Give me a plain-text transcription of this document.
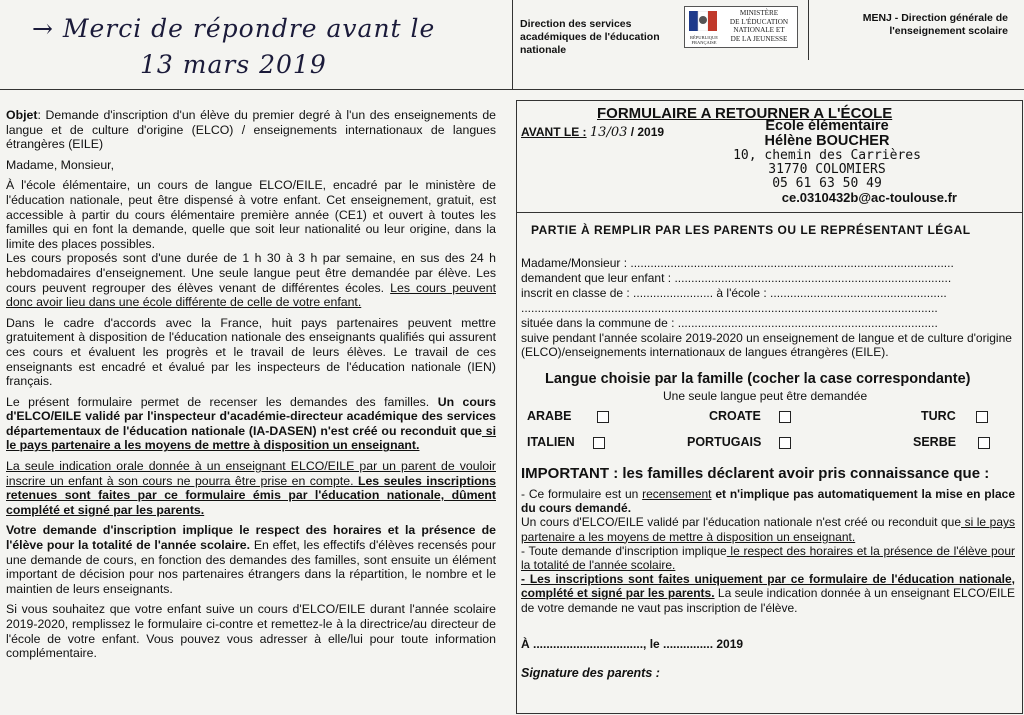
→ Merci de répondre avant le
13 mars 2019
Direction des services académiques de l'éducation nationale
RÉPUBLIQUE FRANÇAISE
MINISTÈRE
DE L'ÉDUCATION
NATIONALE ET
DE LA JEUNESSE
MENJ - Direction générale de l'enseignement scolaire

Objet: Demande d'inscription d'un élève du premier degré à l'un des enseignements de langue et de culture d'origine (ELCO) / enseignements internationaux de langues étrangères (EILE)

Madame, Monsieur,

À l'école élémentaire, un cours de langue ELCO/EILE, encadré par le ministère de l'éducation nationale, peut être dispensé à votre enfant. Cet enseignement, gratuit, est accessible à partir du cours élémentaire première année (CE1) et ouvert à toutes les familles qui en font la demande, quelle que soit leur nationalité ou leur origine, dans la limite des places possibles.

Les cours proposés sont d'une durée de 1 h 30 à 3 h par semaine, en sus des 24 h hebdomadaires d'enseignement. Une seule langue peut être demandée par élève. Les cours peuvent regrouper des élèves venant de différentes écoles. Les cours peuvent donc avoir lieu dans une école différente de celle de votre enfant.

Dans le cadre d'accords avec la France, huit pays partenaires peuvent mettre gratuitement à disposition de l'éducation nationale des enseignants qualifiés qui assurent ces cours et évaluent les progrès et le travail de leurs élèves. Le travail de ces enseignants est encadré et évalué par les inspecteurs de l'éducation nationale (IEN) français.

Le présent formulaire permet de recenser les demandes des familles. Un cours d'ELCO/EILE validé par l'inspecteur d'académie-directeur académique des services départementaux de l'éducation nationale (IA-DASEN) n'est créé ou reconduit que si le pays partenaire a les moyens de mettre à disposition un enseignant.

La seule indication orale donnée à un enseignant ELCO/EILE par un parent de vouloir inscrire un enfant à son cours ne pourra être prise en compte. Les seules inscriptions retenues sont faites par ce formulaire émis par l'éducation nationale, dûment complété et signé par les parents.

Votre demande d'inscription implique le respect des horaires et la présence de l'élève pour la totalité de l'année scolaire. En effet, les effectifs d'élèves recensés pour une demande de cours, en fonction des demandes des familles, sont ensuite un élément important de décision pour nos partenaires étrangers dans la répartition, le nombre et le maintien de leurs enseignants.

Si vous souhaitez que votre enfant suive un cours d'ELCO/EILE durant l'année scolaire 2019-2020, remplissez le formulaire ci-contre et remettez-le à la directrice/au directeur de l'école de votre enfant. Vous pouvez vous adresser à elle/lui pour toute information complémentaire.

FORMULAIRE A RETOURNER A L'ÉCOLE
AVANT LE : 13/03 / 2019	Ecole élémentaire
Hélène BOUCHER
10, chemin des Carrières
31770 COLOMIERS
05 61 63 50 49
ce.0310432b@ac-toulouse.fr
PARTIE À REMPLIR PAR LES PARENTS OU LE REPRÉSENTANT LÉGAL
Madame/Monsieur : .................................................................................................
demandent que leur enfant : ...................................................................................
inscrit en classe de : ........................ à l'école : .....................................................
.............................................................................................................................
située dans la commune de : ..............................................................................
suive pendant l'année scolaire 2019-2020 un enseignement de langue et de culture d'origine (ELCO)/enseignements internationaux de langues étrangères (EILE).
Langue choisie par la famille (cocher la case correspondante)
Une seule langue peut être demandée
ARABE	CROATE	TURC
ITALIEN	PORTUGAIS	SERBE
IMPORTANT : les familles déclarent avoir pris connaissance que :
- Ce formulaire est un recensement et n'implique pas automatiquement la mise en place du cours demandé.
Un cours d'ELCO/EILE validé par l'éducation nationale n'est créé ou reconduit que si le pays partenaire a les moyens de mettre à disposition un enseignant.
- Toute demande d'inscription implique le respect des horaires et la présence de l'élève pour la totalité de l'année scolaire.
- Les inscriptions sont faites uniquement par ce formulaire de l'éducation nationale, complété et signé par les parents. La seule indication donnée à un enseignant ELCO/EILE de votre demande ne vaut pas inscription de l'élève.
À ................................., le ............... 2019
Signature des parents :
